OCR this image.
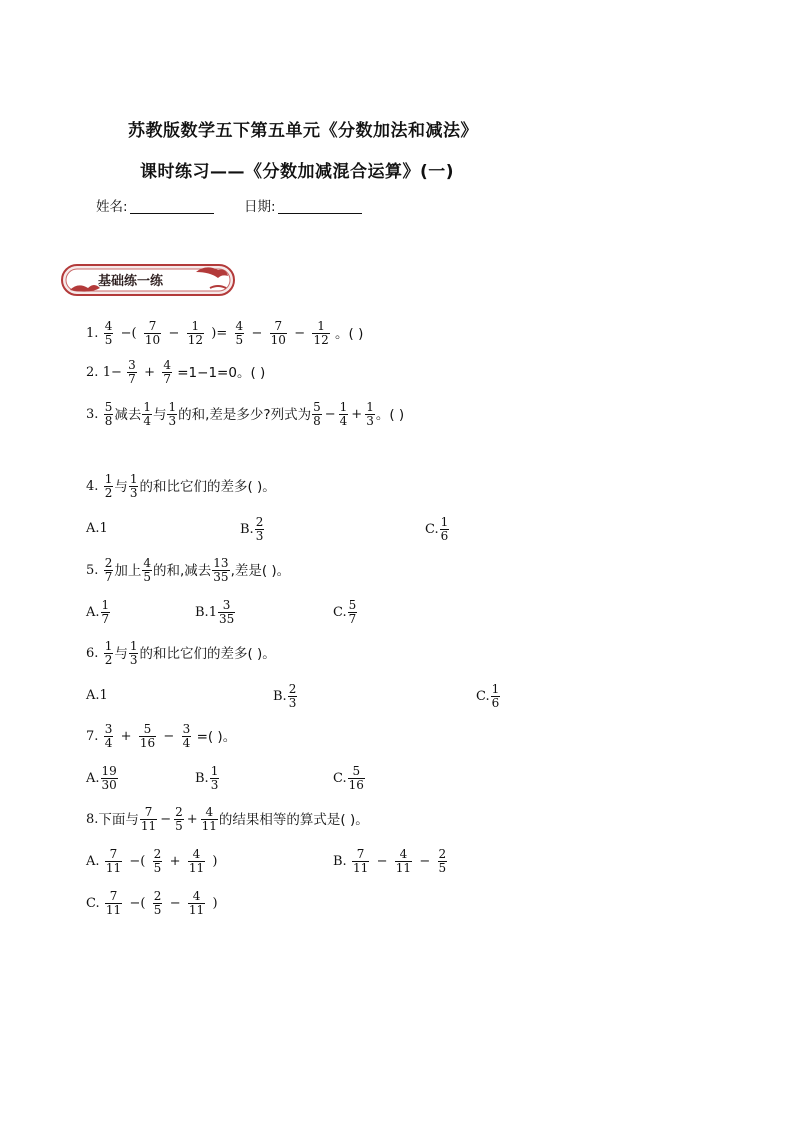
苏教版数学五下第五单元《分数加法和减法》
课时练习——《分数加减混合运算》(一)
姓名:	日期:
基础练一练
1. $\frac{4}{5}$ −( $\frac{7}{10} - \frac{1}{12}$ )= $\frac{4}{5} - \frac{7}{10} - \frac{1}{12}$ 。( )
2. $1- \frac{3}{7} + \frac{4}{7} =1-1=0$。( )
3. $\frac{5}{8}$ 减去 $\frac{1}{4}$ 与 $\frac{1}{3}$ 的和,差是多少?列式为 $\frac{5}{8} - \frac{1}{4} + \frac{1}{3}$ 。( )
4. $\frac{1}{2}$ 与 $\frac{1}{3}$ 的和比它们的差多( )。
A.1	B. $\frac{2}{3}$	C. $\frac{1}{6}$
5. $\frac{2}{7}$ 加上 $\frac{4}{5}$ 的和,减去 $\frac{13}{35}$ ,差是( )。
A. $\frac{1}{7}$	$B.1 \frac{3}{35}$	C. $\frac{5}{7}$
6. $\frac{1}{2}$ 与 $\frac{1}{3}$ 的和比它们的差多( )。
A.1	B. $\frac{2}{3}$	C. $\frac{1}{6}$
7. $\frac{3}{4} + \frac{5}{16} - \frac{3}{4}$ =( )。
A. $\frac{19}{30}$	B. $\frac{1}{3}$	C. $\frac{5}{16}$
8.下面与 $\frac{7}{11} - \frac{2}{5} + \frac{4}{11}$ 的结果相等的算式是( )。
A. $\frac{7}{11}$ −( $\frac{2}{5} + \frac{4}{11}$ )	B. $\frac{7}{11} - \frac{4}{11} - \frac{2}{5}$
C. $\frac{7}{11}$ −( $\frac{2}{5} - \frac{4}{11}$ )
